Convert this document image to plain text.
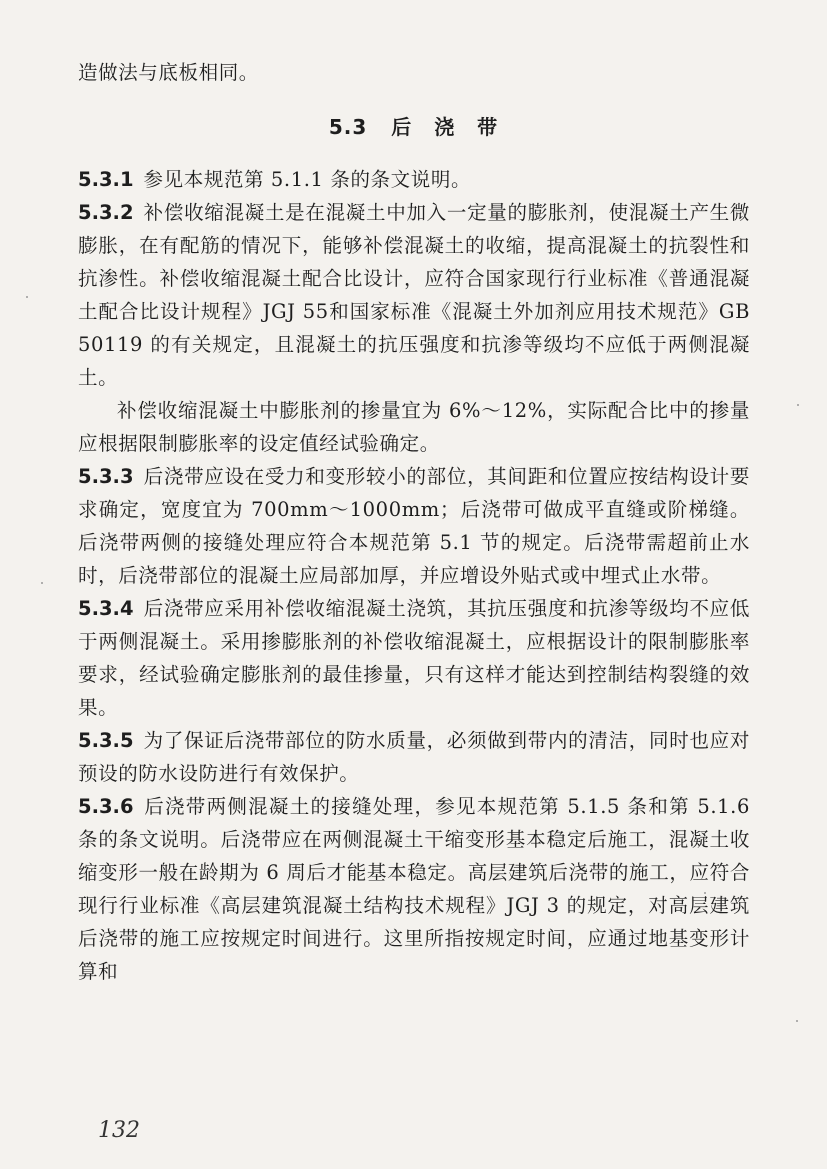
造做法与底板相同。
5.3 后 浇 带

5.3.1 参见本规范第 5.1.1 条的条文说明。

5.3.2 补偿收缩混凝土是在混凝土中加入一定量的膨胀剂，使混凝土产生微膨胀，在有配筋的情况下，能够补偿混凝土的收缩，提高混凝土的抗裂性和抗渗性。补偿收缩混凝土配合比设计，应符合国家现行行业标准《普通混凝土配合比设计规程》JGJ 55和国家标准《混凝土外加剂应用技术规范》GB 50119 的有关规定，且混凝土的抗压强度和抗渗等级均不应低于两侧混凝土。

补偿收缩混凝土中膨胀剂的掺量宜为 6%～12%，实际配合比中的掺量应根据限制膨胀率的设定值经试验确定。

5.3.3 后浇带应设在受力和变形较小的部位，其间距和位置应按结构设计要求确定，宽度宜为 700mm～1000mm；后浇带可做成平直缝或阶梯缝。后浇带两侧的接缝处理应符合本规范第 5.1 节的规定。后浇带需超前止水时，后浇带部位的混凝土应局部加厚，并应增设外贴式或中埋式止水带。

5.3.4 后浇带应采用补偿收缩混凝土浇筑，其抗压强度和抗渗等级均不应低于两侧混凝土。采用掺膨胀剂的补偿收缩混凝土，应根据设计的限制膨胀率要求，经试验确定膨胀剂的最佳掺量，只有这样才能达到控制结构裂缝的效果。

5.3.5 为了保证后浇带部位的防水质量，必须做到带内的清洁，同时也应对预设的防水设防进行有效保护。

5.3.6 后浇带两侧混凝土的接缝处理，参见本规范第 5.1.5 条和第 5.1.6 条的条文说明。后浇带应在两侧混凝土干缩变形基本稳定后施工，混凝土收缩变形一般在龄期为 6 周后才能基本稳定。高层建筑后浇带的施工，应符合现行行业标准《高层建筑混凝土结构技术规程》JGJ 3 的规定，对高层建筑后浇带的施工应按规定时间进行。这里所指按规定时间，应通过地基变形计算和

132
